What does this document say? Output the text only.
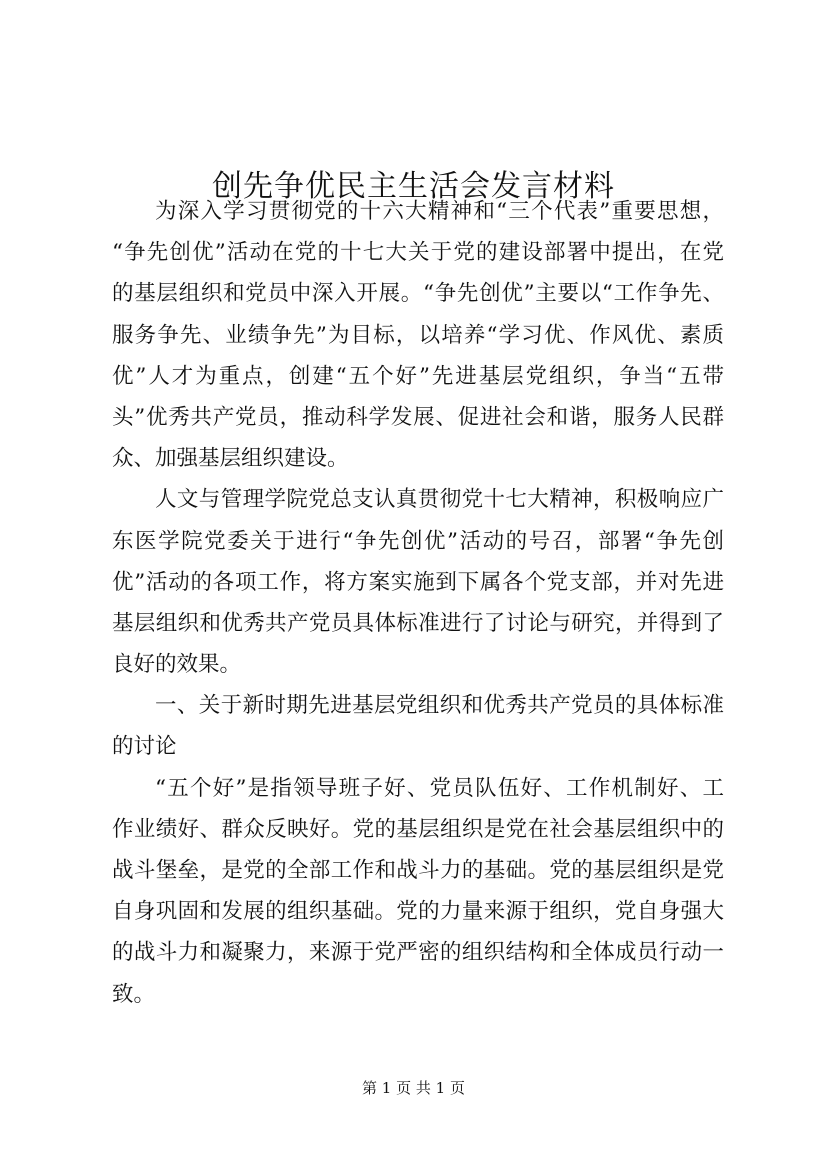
创先争优民主生活会发言材料
为深入学习贯彻党的十六大精神和“三个代表”重要思想，
“争先创优”活动在党的十七大关于党的建设部署中提出，在党
的基层组织和党员中深入开展。“争先创优”主要以“工作争先、
服务争先、业绩争先”为目标，以培养“学习优、作风优、素质
优”人才为重点，创建“五个好”先进基层党组织，争当“五带
头”优秀共产党员，推动科学发展、促进社会和谐，服务人民群
众、加强基层组织建设。
人文与管理学院党总支认真贯彻党十七大精神，积极响应广
东医学院党委关于进行“争先创优”活动的号召，部署“争先创
优”活动的各项工作，将方案实施到下属各个党支部，并对先进
基层组织和优秀共产党员具体标准进行了讨论与研究，并得到了
良好的效果。
一、关于新时期先进基层党组织和优秀共产党员的具体标准
的讨论
“五个好”是指领导班子好、党员队伍好、工作机制好、工
作业绩好、群众反映好。党的基层组织是党在社会基层组织中的
战斗堡垒，是党的全部工作和战斗力的基础。党的基层组织是党
自身巩固和发展的组织基础。党的力量来源于组织，党自身强大
的战斗力和凝聚力，来源于党严密的组织结构和全体成员行动一
致。
第 1 页 共 1 页
